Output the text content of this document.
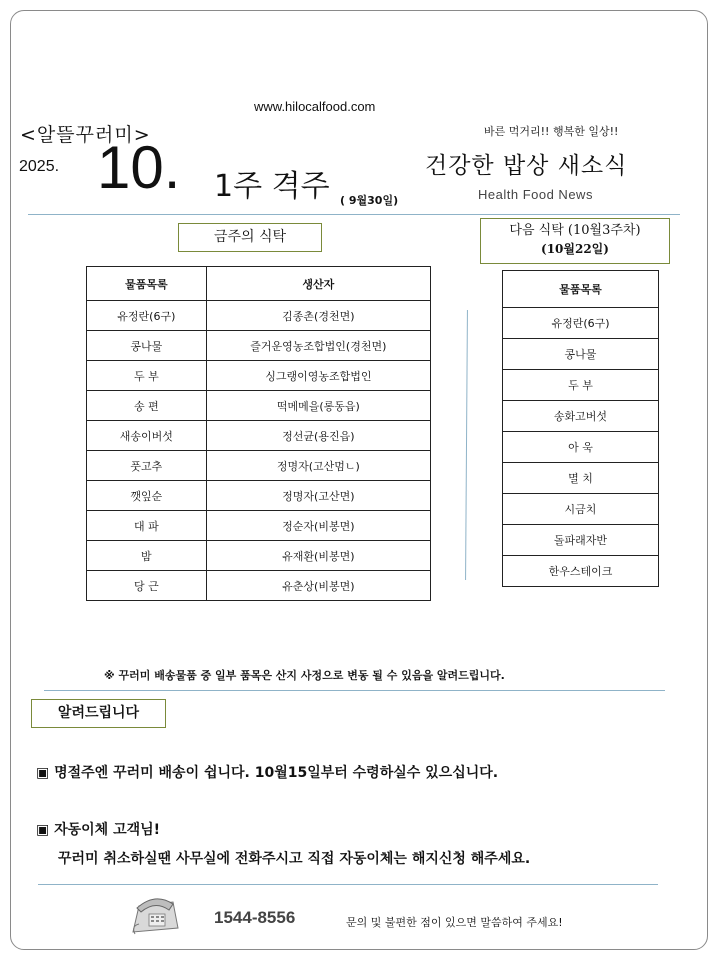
www.hilocalfood.com
<알뜰꾸러미>
2025. 10. 1주 격주 ( 9월30일)
바른 먹거리!! 행복한 일상!!
건강한 밥상 새소식
Health Food News
금주의 식탁	다음 식탁 (10월3주차)
(10월22일)
물품목록	생산자
유정란(6구)	김종촌(경천면)
콩나물	즐거운영농조합법인(경천면)
두 부	싱그랭이영농조합법인
송 편	떡메메을(롱동읍)
새송이버섯	정선균(용진읍)
풋고추	정명자(고산멈ㄴ)
깻잎순	정명자(고산면)
대 파	정순자(비봉면)
밤	유재환(비봉면)
당 근	유춘상(비봉면)
물품목록
유정란(6구)
콩나물
두 부
송화고버섯
아 욱
멸 치
시금치
돌파래자반
한우스테이크
※ 꾸러미 배송물품 중 일부 품목은 산지 사정으로 변동 될 수 있음을 알려드립니다.
알려드립니다
▣ 명절주엔 꾸러미 배송이 쉽니다. 10월15일부터 수령하실수 있으십니다.
▣ 자동이체 고객님!
꾸러미 취소하실땐 사무실에 전화주시고 직접 자동이체는 해지신청 해주세요.
1544-8556	문의 및 불편한 점이 있으면 말씀하여 주세요!
